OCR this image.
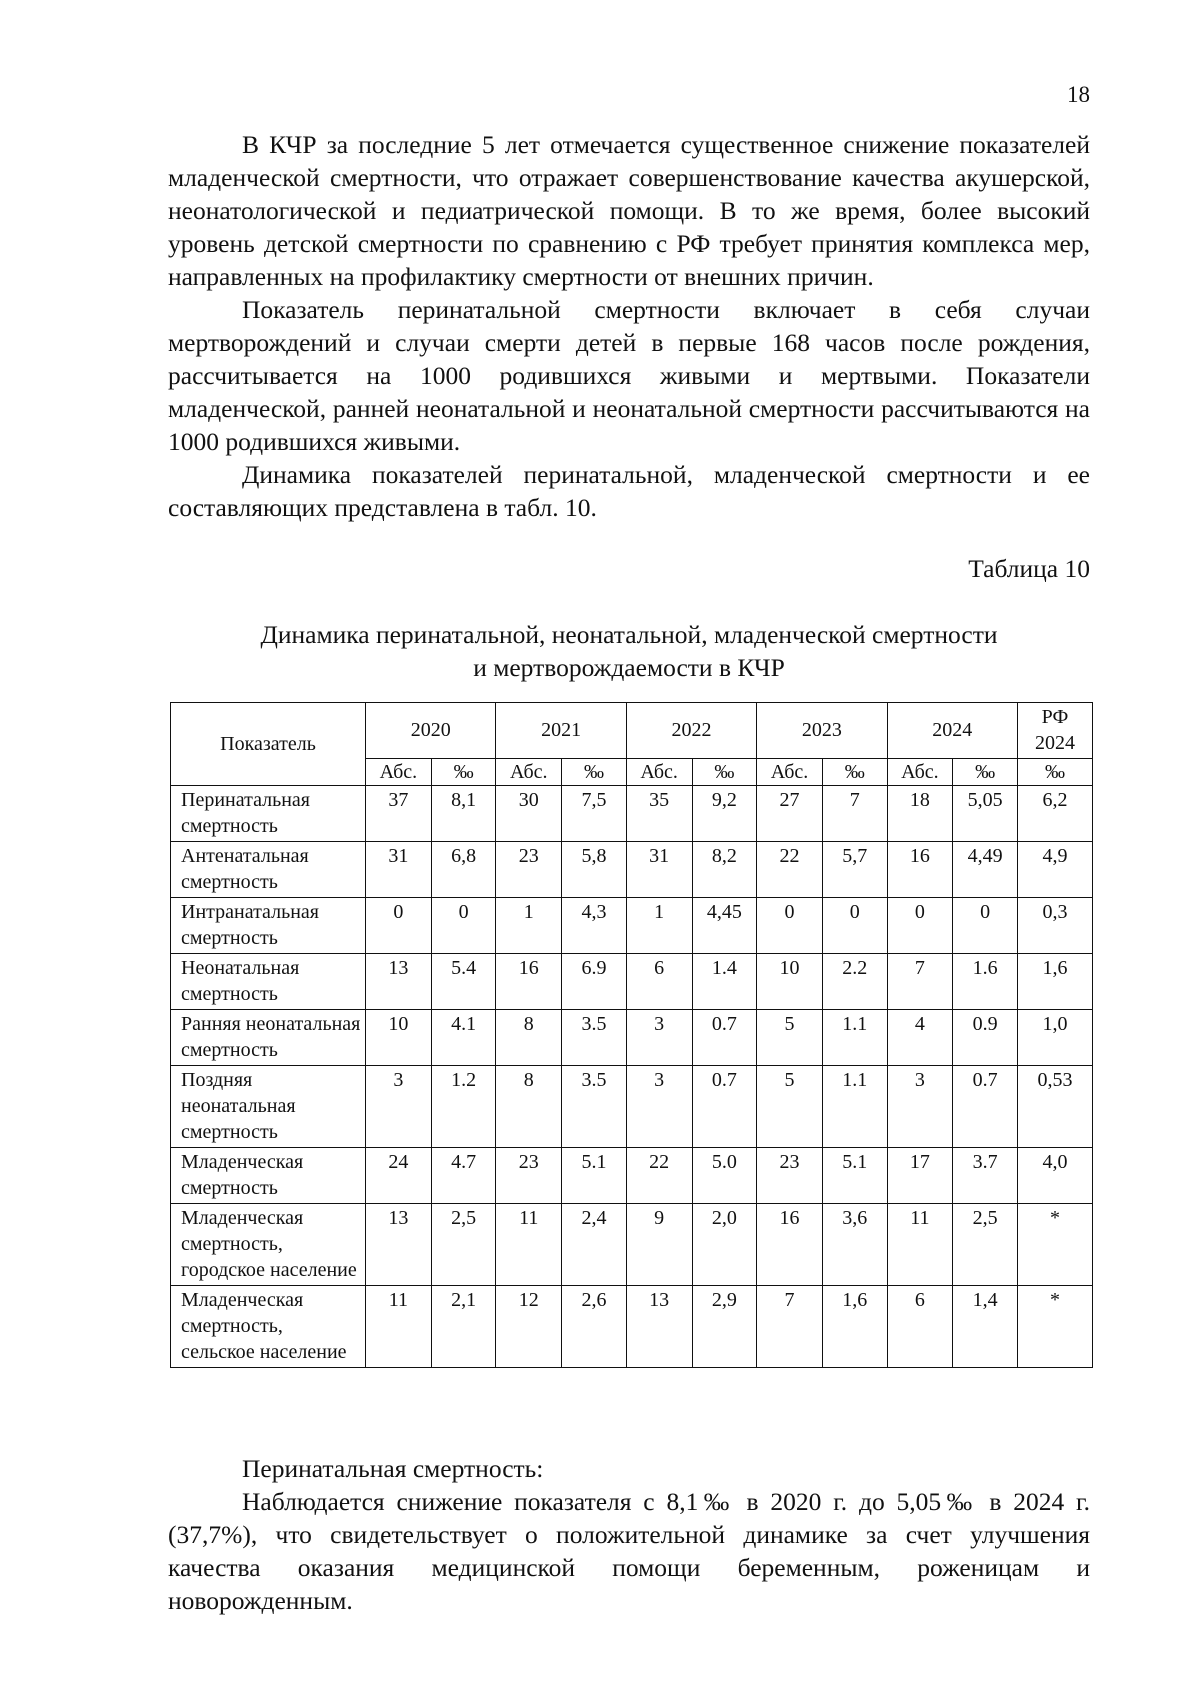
18

В КЧР за последние 5 лет отмечается существенное снижение показателей младенческой смертности, что отражает совершенствование качества акушерской, неонатологической и педиатрической помощи. В то же время, более высокий уровень детской смертности по сравнению с РФ требует принятия комплекса мер, направленных на профилактику смертности от внешних причин.

Показатель перинатальной смертности включает в себя случаи мертворождений и случаи смерти детей в первые 168 часов после рождения, рассчитывается на 1000 родившихся живыми и мертвыми. Показатели младенческой, ранней неонатальной и неонатальной смертности рассчитываются на 1000 родившихся живыми.

Динамика показателей перинатальной, младенческой смертности и ее составляющих представлена в табл. 10.

Таблица 10
Динамика перинатальной, неонатальной, младенческой смертности
и мертворождаемости в КЧР
Показатель	2020		2021		2022		2023		2024		РФ
2024

	Абс.	‰	Абс.	‰	Абс.	‰	Абс.	‰	Абс.	‰	‰
Перинатальная смертность	37	8,1	30	7,5	35	9,2	27	7	18	5,05	6,2
Антенатальная смертность	31	6,8	23	5,8	31	8,2	22	5,7	16	4,49	4,9
Интранатальная смертность	0	0	1	4,3	1	4,45	0	0	0	0	0,3
Неонатальная смертность	13	5.4	16	6.9	6	1.4	10	2.2	7	1.6	1,6
Ранняя неонатальная смертность	10	4.1	8	3.5	3	0.7	5	1.1	4	0.9	1,0
Поздняя неонатальная смертность	3	1.2	8	3.5	3	0.7	5	1.1	3	0.7	0,53
Младенческая смертность	24	4.7	23	5.1	22	5.0	23	5.1	17	3.7	4,0
Младенческая смертность, городское население	13	2,5	11	2,4	9	2,0	16	3,6	11	2,5	*
Младенческая смертность, сельское население	11	2,1	12	2,6	13	2,9	7	1,6	6	1,4	*

Перинатальная смертность:

Наблюдается снижение показателя с 8,1‰ в 2020 г. до 5,05‰ в 2024 г. (37,7%), что свидетельствует о положительной динамике за счет улучшения качества оказания медицинской помощи беременным, роженицам и новорожденным.
